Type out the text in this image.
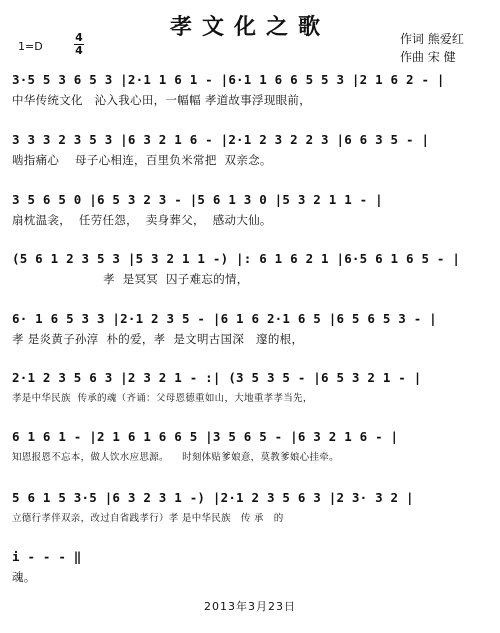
孝文化之歌	作词 熊爱红
作曲 宋 健
1=D
4
4
3·5 5 3 6 5 3 |2·1 1 6 1 - |6·1 1 6 6 5 5 3 |2 1 6 2 - |
中华传统文化   沁入我心田，一幅幅 孝道故事浮现眼前，
3 3 3 2 3 5 3 |6 3 2 1 6 - |2·1 2 3 2 2 3 |6 6 3 5 - |
啮指痛心    母子心相连，百里负米常把  双亲念。
3 5 6 5 0 |6 5 3 2 3 - |5 6 1 3 0 |5 3 2 1 1 - |
扇枕温衾，  任劳任怨，  卖身葬父，  感动大仙。
(5 6 1 2 3 5 3 |5 3 2 1 1 -) |: 6 1 6 2 1 |6·5 6 1 6 5 - |
孝  是冥冥  囚子难忘的情，
6· 1 6 5 3 3 |2·1 2 3 5 - |6 1 6 2·1 6 5 |6 5 6 5 3 - |
孝 是炎黄子孙淳  朴的爱，孝  是文明古国深   邃的根，
2·1 2 3 5 6 3 |2 3 2 1 - :| (3 5 3 5 - |6 5 3 2 1 - |
孝是中华民族  传承的魂（齐诵：父母恩德重如山，大地重孝孝当先，
6 1 6 1 - |2 1 6 1 6 6 5 |3 5 6 5 - |6 3 2 1 6 - |
知恩报恩不忘本，做人饮水应思源。    时刻体贴爹娘意，莫教爹娘心挂牵。
5 6 1 5 3·5 |6 3 2 3 1 -) |2·1 2 3 5 6 3 |2 3· 3 2 |
立德行孝伴双亲，改过自省践孝行）孝 是中华民族   传 承   的
i - - - ‖
魂。
2013年3月23日
